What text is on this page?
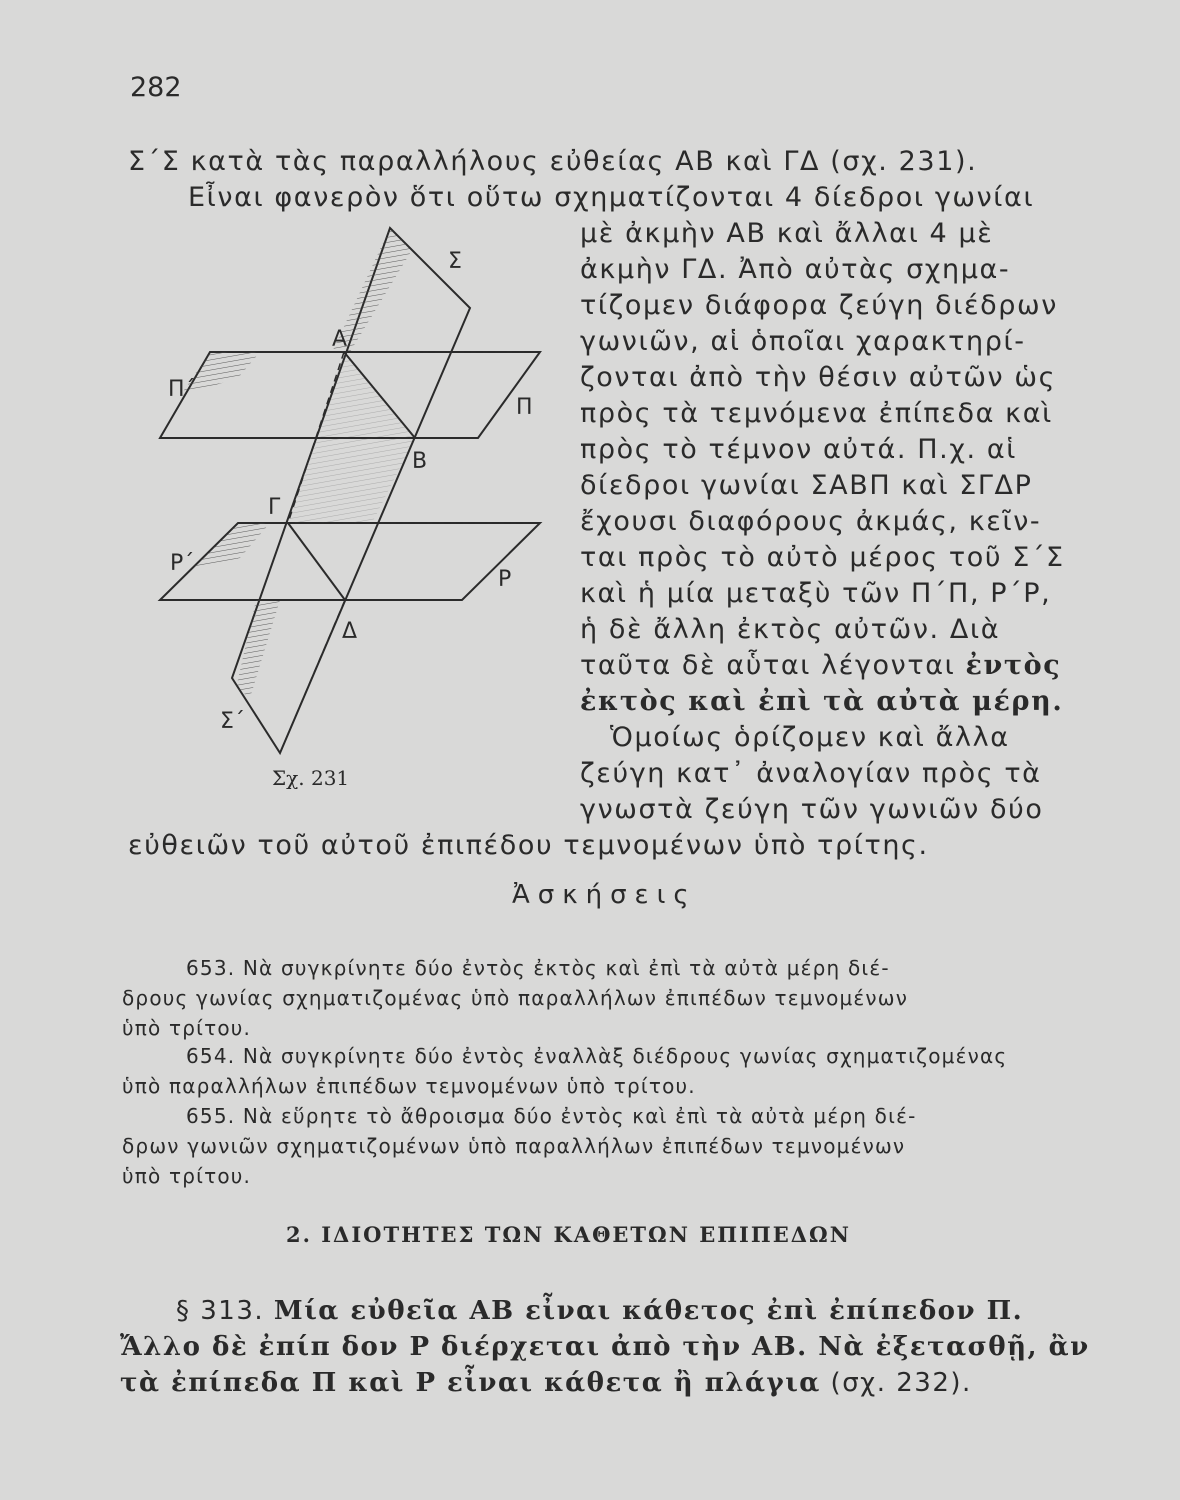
282
Σ΄Σ κατὰ τὰς παραλλήλους εὐθείας ΑΒ καὶ ΓΔ (σχ. 231).
Εἶναι φανερὸν ὅτι οὕτω σχηματίζονται 4 δίεδροι γωνίαι
μὲ ἀκμὴν ΑΒ καὶ ἄλλαι 4 μὲ
ἀκμὴν ΓΔ. Ἀπὸ αὐτὰς σχημα-
τίζομεν διάφορα ζεύγη διέδρων
γωνιῶν, αἱ ὁποῖαι χαρακτηρί-
ζονται ἀπὸ τὴν θέσιν αὐτῶν ὡς
πρὸς τὰ τεμνόμενα ἐπίπεδα καὶ
πρὸς τὸ τέμνον αὐτά. Π.χ. αἱ
δίεδροι γωνίαι ΣΑΒΠ καὶ ΣΓΔΡ
ἔχουσι διαφόρους ἀκμάς, κεῖν-
ται πρὸς τὸ αὐτὸ μέρος τοῦ Σ΄Σ
καὶ ἡ μία μεταξὺ τῶν Π΄Π, Ρ΄Ρ,
ἡ δὲ ἄλλη ἐκτὸς αὐτῶν. Διὰ
ταῦτα δὲ αὗται λέγονται ἐντὸς
ἐκτὸς καὶ ἐπὶ τὰ αὐτὰ μέρη.
Ὁμοίως ὁρίζομεν καὶ ἄλλα
ζεύγη κατ᾽ ἀναλογίαν πρὸς τὰ
γνωστὰ ζεύγη τῶν γωνιῶν δύο
εὐθειῶν τοῦ αὐτοῦ ἐπιπέδου τεμνομένων ὑπὸ τρίτης.
Σ
Α
Π΄
Π
Β
Γ
Ρ΄
Ρ
Δ
Σ΄
Σχ. 231
Ἀσκήσεις
653. Νὰ συγκρίνητε δύο ἐντὸς ἐκτὸς καὶ ἐπὶ τὰ αὐτὰ μέρη διέ-
δρους γωνίας σχηματιζομένας ὑπὸ παραλλήλων ἐπιπέδων τεμνομένων
ὑπὸ τρίτου.
654. Νὰ συγκρίνητε δύο ἐντὸς ἐναλλὰξ διέδρους γωνίας σχηματιζομένας
ὑπὸ παραλλήλων ἐπιπέδων τεμνομένων ὑπὸ τρίτου.
655. Νὰ εὕρητε τὸ ἄθροισμα δύο ἐντὸς καὶ ἐπὶ τὰ αὐτὰ μέρη διέ-
δρων γωνιῶν σχηματιζομένων ὑπὸ παραλλήλων ἐπιπέδων τεμνομένων
ὑπὸ τρίτου.
2. ΙΔΙΟΤΗΤΕΣ ΤΩΝ ΚΑΘΕΤΩΝ ΕΠΙΠΕΔΩΝ
§ 313. Μία εὐθεῖα ΑΒ εἶναι κάθετος ἐπὶ ἐπίπεδον Π.
Ἄλλο δὲ ἐπίπ δον Ρ διέρχεται ἀπὸ τὴν ΑΒ. Νὰ ἐξετασθῇ, ἂν
τὰ ἐπίπεδα Π καὶ Ρ εἶναι κάθετα ἢ πλάγια (σχ. 232).
